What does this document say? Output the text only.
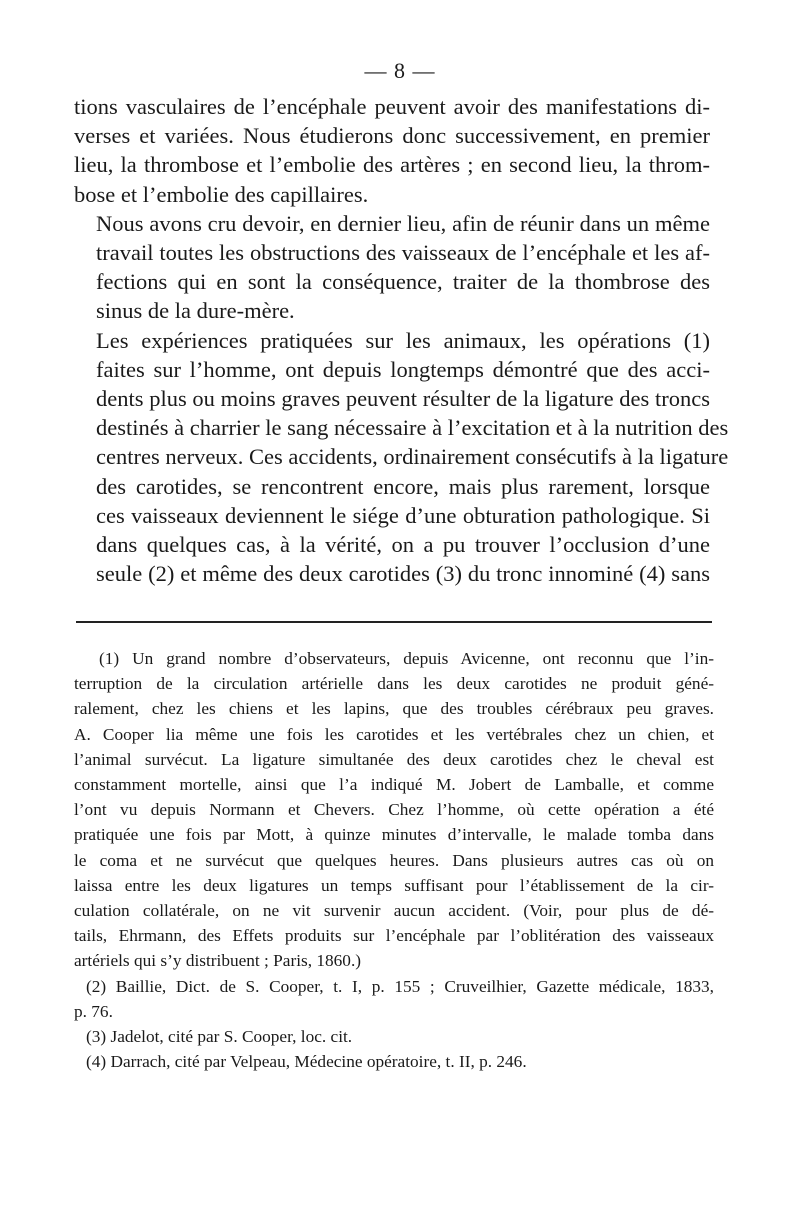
— 8 —

tions vasculaires de l’encéphale peuvent avoir des manifestations di-
verses et variées. Nous étudierons donc successivement, en premier
lieu, la thrombose et l’embolie des artères ; en second lieu, la throm-
bose et l’embolie des capillaires.

Nous avons cru devoir, en dernier lieu, afin de réunir dans un même
travail toutes les obstructions des vaisseaux de l’encéphale et les af-
fections qui en sont la conséquence, traiter de la thombrose des
sinus de la dure-mère.

Les expériences pratiquées sur les animaux, les opérations (1)
faites sur l’homme, ont depuis longtemps démontré que des acci-
dents plus ou moins graves peuvent résulter de la ligature des troncs
destinés à charrier le sang nécessaire à l’excitation et à la nutrition des
centres nerveux. Ces accidents, ordinairement consécutifs à la ligature
des carotides, se rencontrent encore, mais plus rarement, lorsque
ces vaisseaux deviennent le siége d’une obturation pathologique. Si
dans quelques cas, à la vérité, on a pu trouver l’occlusion d’une
seule (2) et même des deux carotides (3) du tronc innominé (4) sans

(1) Un grand nombre d’observateurs, depuis Avicenne, ont reconnu que l’in-

terruption de la circulation artérielle dans les deux carotides ne produit géné-
ralement, chez les chiens et les lapins, que des troubles cérébraux peu graves.
A. Cooper lia même une fois les carotides et les vertébrales chez un chien, et
l’animal survécut. La ligature simultanée des deux carotides chez le cheval est
constamment mortelle, ainsi que l’a indiqué M. Jobert de Lamballe, et comme
l’ont vu depuis Normann et Chevers. Chez l’homme, où cette opération a été
pratiquée une fois par Mott, à quinze minutes d’intervalle, le malade tomba dans
le coma et ne survécut que quelques heures. Dans plusieurs autres cas où on
laissa entre les deux ligatures un temps suffisant pour l’établissement de la cir-
culation collatérale, on ne vit survenir aucun accident. (Voir, pour plus de dé-
tails, Ehrmann, des Effets produits sur l’encéphale par l’oblitération des vaisseaux
artériels qui s’y distribuent ; Paris, 1860.)

(2) Baillie, Dict. de S. Cooper, t. I, p. 155 ; Cruveilhier, Gazette médicale, 1833,

p. 76.

(3) Jadelot, cité par S. Cooper, loc. cit.

(4) Darrach, cité par Velpeau, Médecine opératoire, t. II, p. 246.
